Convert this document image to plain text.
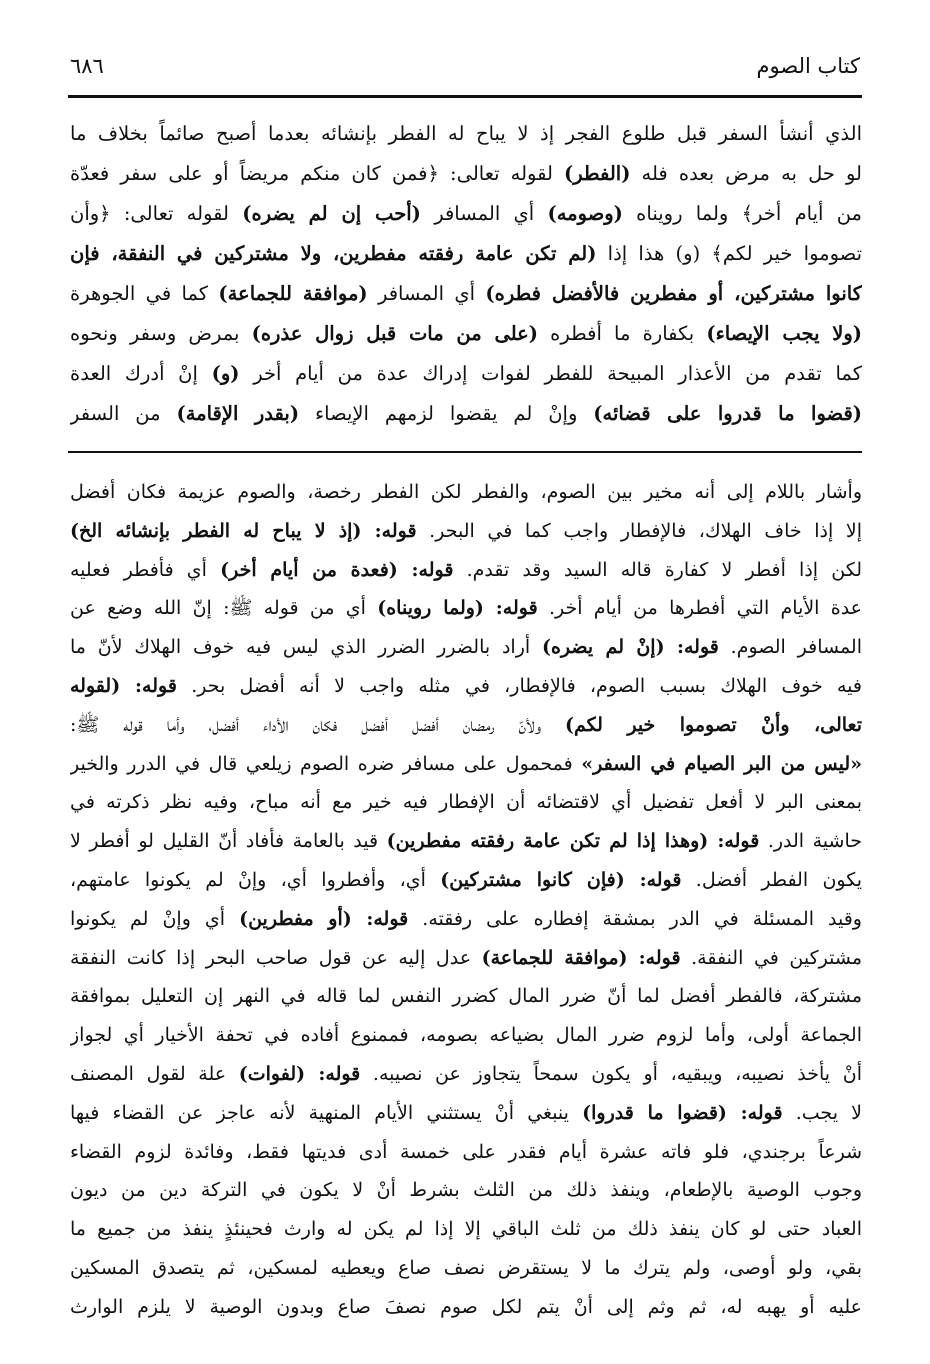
كتاب الصوم
٦٨٦
الذي أنشأ السفر قبل طلوع الفجر إذ لا يباح له الفطر بإنشائه بعدما أصبح صائماً بخلاف ما
لو حل به مرض بعده فله (الفطر) لقوله تعالى: ﴿فمن كان منكم مريضاً أو على سفر فعدّة
من أيام أخر﴾ ولما رويناه (وصومه) أي المسافر (أحب إن لم يضره) لقوله تعالى: ﴿وأن
تصوموا خير لكم﴾ (و) هذا إذا (لم تكن عامة رفقته مفطرين، ولا مشتركين في النفقة، فإن
كانوا مشتركين، أو مفطرين فالأفضل فطره) أي المسافر (موافقة للجماعة) كما في الجوهرة
(ولا يجب الإيصاء) بكفارة ما أفطره (على من مات قبل زوال عذره) بمرض وسفر ونحوه
كما تقدم من الأعذار المبيحة للفطر لفوات إدراك عدة من أيام أخر (و) إنْ أدرك العدة
(قضوا ما قدروا على قضائه) وإنْ لم يقضوا لزمهم الإيصاء (بقدر الإقامة) من السفر
وأشار باللام إلى أنه مخير بين الصوم، والفطر لكن الفطر رخصة، والصوم عزيمة فكان أفضل
إلا إذا خاف الهلاك، فالإفطار واجب كما في البحر. قوله: (إذ لا يباح له الفطر بإنشائه الخ)
لكن إذا أفطر لا كفارة قاله السيد وقد تقدم. قوله: (فعدة من أيام أخر) أي فأفطر فعليه
عدة الأيام التي أفطرها من أيام أخر. قوله: (ولما رويناه) أي من قوله ﷺ: إنّ الله وضع عن
المسافر الصوم. قوله: (إنْ لم يضره) أراد بالضرر الضرر الذي ليس فيه خوف الهلاك لأنّ ما
فيه خوف الهلاك بسبب الصوم، فالإفطار، في مثله واجب لا أنه أفضل بحر. قوله: (لقوله
تعالى، وأنْ تصوموا خير لكم) ولأنّ رمضان أفضل أفضل فكان الأداء أفضل، وأما قوله ﷺ:
«ليس من البر الصيام في السفر» فمحمول على مسافر ضره الصوم زيلعي قال في الدرر والخير
بمعنى البر لا أفعل تفضيل أي لاقتضائه أن الإفطار فيه خير مع أنه مباح، وفيه نظر ذكرته في
حاشية الدر. قوله: (وهذا إذا لم تكن عامة رفقته مفطرين) قيد بالعامة فأفاد أنّ القليل لو أفطر لا
يكون الفطر أفضل. قوله: (فإن كانوا مشتركين) أي، وأفطروا أي، وإنْ لم يكونوا عامتهم،
وقيد المسئلة في الدر بمشقة إفطاره على رفقته. قوله: (أو مفطرين) أي وإنْ لم يكونوا
مشتركين في النفقة. قوله: (موافقة للجماعة) عدل إليه عن قول صاحب البحر إذا كانت النفقة
مشتركة، فالفطر أفضل لما أنّ ضرر المال كضرر النفس لما قاله في النهر إن التعليل بموافقة
الجماعة أولى، وأما لزوم ضرر المال بضياعه بصومه، فممنوع أفاده في تحفة الأخيار أي لجواز
أنْ يأخذ نصيبه، ويبقيه، أو يكون سمحاً يتجاوز عن نصيبه. قوله: (لفوات) علة لقول المصنف
لا يجب. قوله: (قضوا ما قدروا) ينبغي أنْ يستثني الأيام المنهية لأنه عاجز عن القضاء فيها
شرعاً برجندي، فلو فاته عشرة أيام فقدر على خمسة أدى فديتها فقط، وفائدة لزوم القضاء
وجوب الوصية بالإطعام، وينفذ ذلك من الثلث بشرط أنْ لا يكون في التركة دين من ديون
العباد حتى لو كان ينفذ ذلك من ثلث الباقي إلا إذا لم يكن له وارث فحينئذٍ ينفذ من جميع ما
بقي، ولو أوصى، ولم يترك ما لا يستقرض نصف صاع ويعطيه لمسكين، ثم يتصدق المسكين
عليه أو يهبه له، ثم وثم إلى أنْ يتم لكل صوم نصفَ صاع وبدون الوصية لا يلزم الوارث
